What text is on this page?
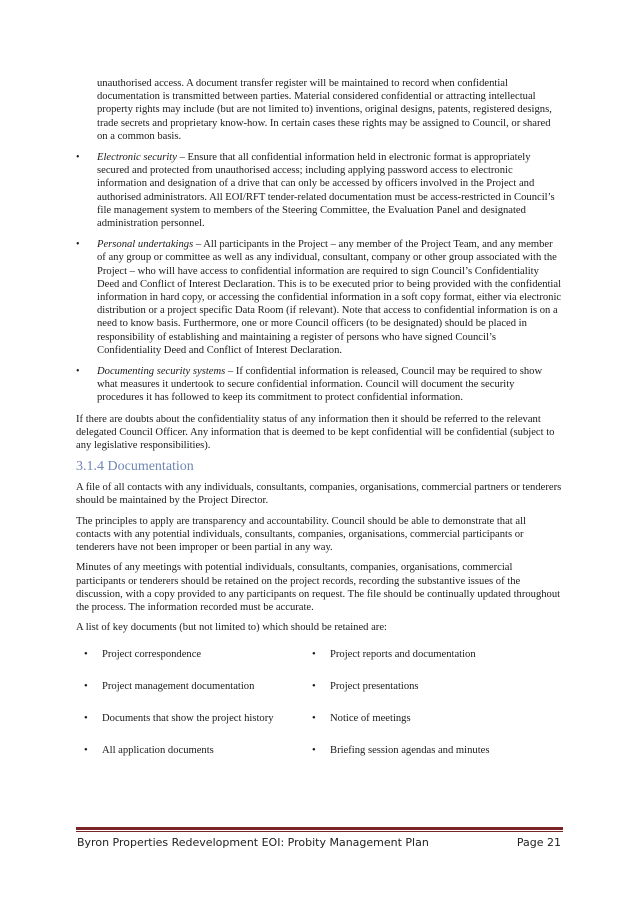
unauthorised access. A document transfer register will be maintained to record when confidential documentation is transmitted between parties. Material considered confidential or attracting intellectual property rights may include (but are not limited to) inventions, original designs, patents, registered designs, trade secrets and proprietary know-how. In certain cases these rights may be assigned to Council, or shared on a common basis.

• Electronic security – Ensure that all confidential information held in electronic format is appropriately secured and protected from unauthorised access; including applying password access to electronic information and designation of a drive that can only be accessed by officers involved in the Project and authorised administrators. All EOI/RFT tender-related documentation must be access-restricted in Council’s file management system to members of the Steering Committee, the Evaluation Panel and designated administration personnel.
• Personal undertakings – All participants in the Project – any member of the Project Team, and any member of any group or committee as well as any individual, consultant, company or other group associated with the Project – who will have access to confidential information are required to sign Council’s Confidentiality Deed and Conflict of Interest Declaration. This is to be executed prior to being provided with the confidential information in hard copy, or accessing the confidential information in a soft copy format, either via electronic distribution or a project specific Data Room (if relevant). Note that access to confidential information is on a need to know basis. Furthermore, one or more Council officers (to be designated) should be placed in responsibility of establishing and maintaining a register of persons who have signed Council’s Confidentiality Deed and Conflict of Interest Declaration.
• Documenting security systems – If confidential information is released, Council may be required to show what measures it undertook to secure confidential information. Council will document the security procedures it has followed to keep its commitment to protect confidential information.

If there are doubts about the confidentiality status of any information then it should be referred to the relevant delegated Council Officer. Any information that is deemed to be kept confidential will be confidential (subject to any legislative responsibilities).

3.1.4 Documentation

A file of all contacts with any individuals, consultants, companies, organisations, commercial partners or tenderers should be maintained by the Project Director.

The principles to apply are transparency and accountability. Council should be able to demonstrate that all contacts with any potential individuals, consultants, companies, organisations, commercial participants or tenderers have not been improper or been partial in any way.

Minutes of any meetings with potential individuals, consultants, companies, organisations, commercial participants or tenderers should be retained on the project records, recording the substantive issues of the discussion, with a copy provided to any participants on request. The file should be continually updated throughout the process. The information recorded must be accurate.

A list of key documents (but not limited to) which should be retained are:

• Project correspondence	• Project reports and documentation
• Project management documentation	• Project presentations
• Documents that show the project history	• Notice of meetings
• All application documents	• Briefing session agendas and minutes
Byron Properties Redevelopment EOI: Probity Management Plan	Page 21
